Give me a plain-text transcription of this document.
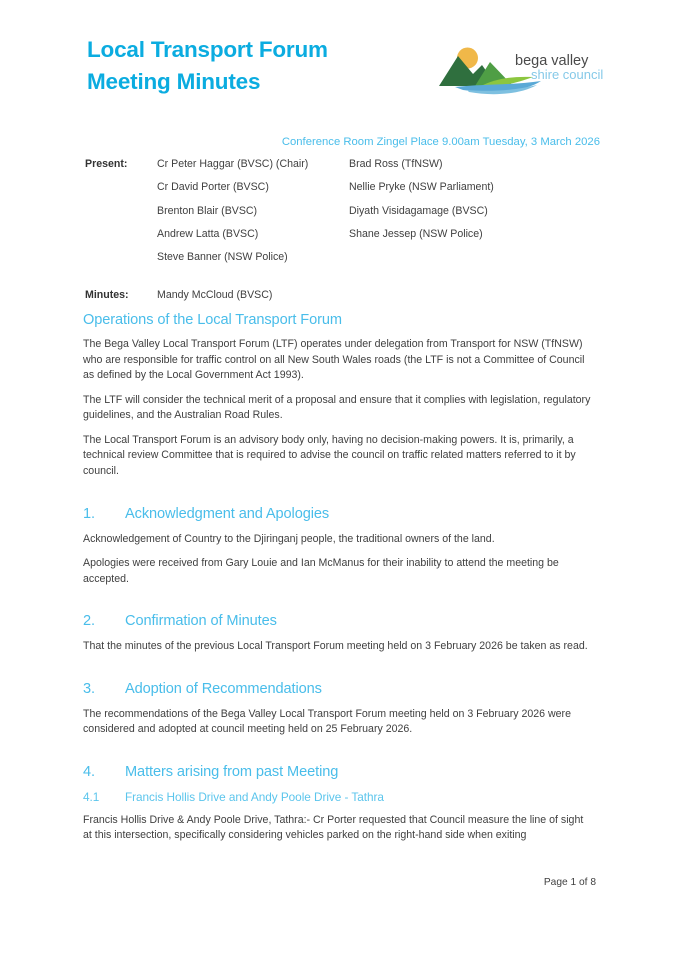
Local Transport Forum
Meeting Minutes
bega valley
shire council
Conference Room Zingel Place 9.00am Tuesday, 3 March 2026
Present:	Cr Peter Haggar (BVSC) (Chair)	Brad Ross (TfNSW)
Cr David Porter (BVSC)	Nellie Pryke (NSW Parliament)
Brenton Blair (BVSC)	Diyath Visidagamage (BVSC)
Andrew Latta (BVSC)	Shane Jessep (NSW Police)
Steve Banner (NSW Police)
Minutes:	Mandy McCloud (BVSC)
Operations of the Local Transport Forum

The Bega Valley Local Transport Forum (LTF) operates under delegation from Transport for NSW (TfNSW) who are responsible for traffic control on all New South Wales roads (the LTF is not a Committee of Council as defined by the Local Government Act 1993).

The LTF will consider the technical merit of a proposal and ensure that it complies with legislation, regulatory guidelines, and the Australian Road Rules.

The Local Transport Forum is an advisory body only, having no decision-making powers. It is, primarily, a technical review Committee that is required to advise the council on traffic related matters referred to it by council.

1. Acknowledgment and Apologies

Acknowledgement of Country to the Djiringanj people, the traditional owners of the land.

Apologies were received from Gary Louie and Ian McManus for their inability to attend the meeting be accepted.

2. Confirmation of Minutes

That the minutes of the previous Local Transport Forum meeting held on 3 February 2026 be taken as read.

3. Adoption of Recommendations

The recommendations of the Bega Valley Local Transport Forum meeting held on 3 February 2026 were considered and adopted at council meeting held on 25 February 2026.

4. Matters arising from past Meeting
4.1 Francis Hollis Drive and Andy Poole Drive - Tathra

Francis Hollis Drive & Andy Poole Drive, Tathra:- Cr Porter requested that Council measure the line of sight at this intersection, specifically considering vehicles parked on the right-hand side when exiting

Page 1 of 8
